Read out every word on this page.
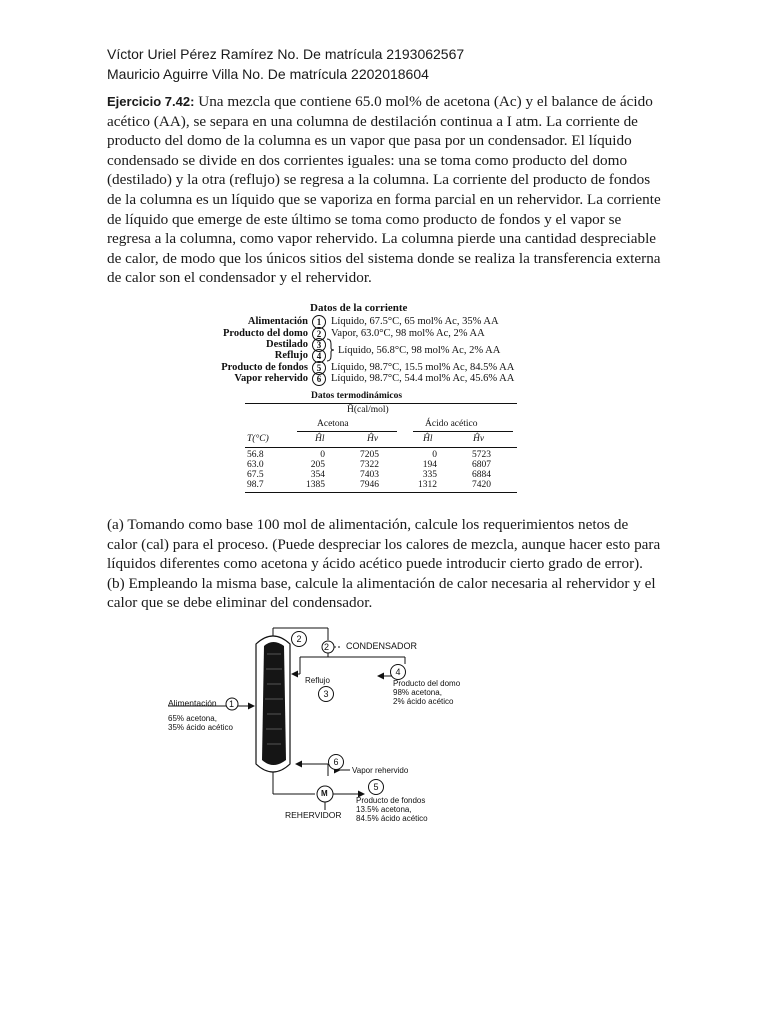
Víctor Uriel Pérez Ramírez No. De matrícula 2193062567
Mauricio Aguirre Villa No. De matrícula 2202018604
Ejercicio 7.42: Una mezcla que contiene 65.0 mol% de acetona (Ac) y el balance de ácido acético (AA), se separa en una columna de destilación continua a I atm. La corriente de producto del domo de la columna es un vapor que pasa por un condensador. El líquido condensado se divide en dos corrientes iguales: una se toma como producto del domo (destilado) y la otra (reflujo) se regresa a la columna. La corriente del producto de fondos de la columna es un líquido que se vaporiza en forma parcial en un rehervidor. La corriente de líquido que emerge de este último se toma como producto de fondos y el vapor se regresa a la columna, como vapor rehervido. La columna pierde una cantidad despreciable de calor, de modo que los únicos sitios del sistema donde se realiza la transferencia externa de calor son el condensador y el rehervidor.
Datos de la corriente
Alimentación 1 Líquido, 67.5°C, 65 mol% Ac, 35% AA
Producto del domo 2 Vapor, 63.0°C, 98 mol% Ac, 2% AA
Destilado 3
Reflujo 4	Líquido, 56.8°C, 98 mol% Ac, 2% AA
Producto de fondos 5 Líquido, 98.7°C, 15.5 mol% Ac, 84.5% AA
Vapor rehervido 6 Líquido, 98.7°C, 54.4 mol% Ac, 45.6% AA
Datos termodinámicos
Ĥ(cal/mol)
Acetona	Ácido acético
T(°C)	Ĥl	Ĥv	Ĥl	Ĥv
56.8	0	7205	0	5723
63.0	205	7322	194	6807
67.5	354	7403	335	6884
98.7	1385	7946	1312	7420
(a) Tomando como base 100 mol de alimentación, calcule los requerimientos netos de calor (cal) para el proceso. (Puede despreciar los calores de mezcla, aunque hacer esto para líquidos diferentes como acetona y ácido acético puede introducir cierto grado de error). (b) Empleando la misma base, calcule la alimentación de calor necesaria al rehervidor y el calor que se debe eliminar del condensador.
2
2 CONDENSADOR
Reflujo
3
4
Producto del domo
98% acetona,
2% ácido acético
Alimentación 1
65% acetona,
35% ácido acético
6
Vapor rehervido
M
5
Producto de fondos
13.5% acetona,
84.5% ácido acético
REHERVIDOR
